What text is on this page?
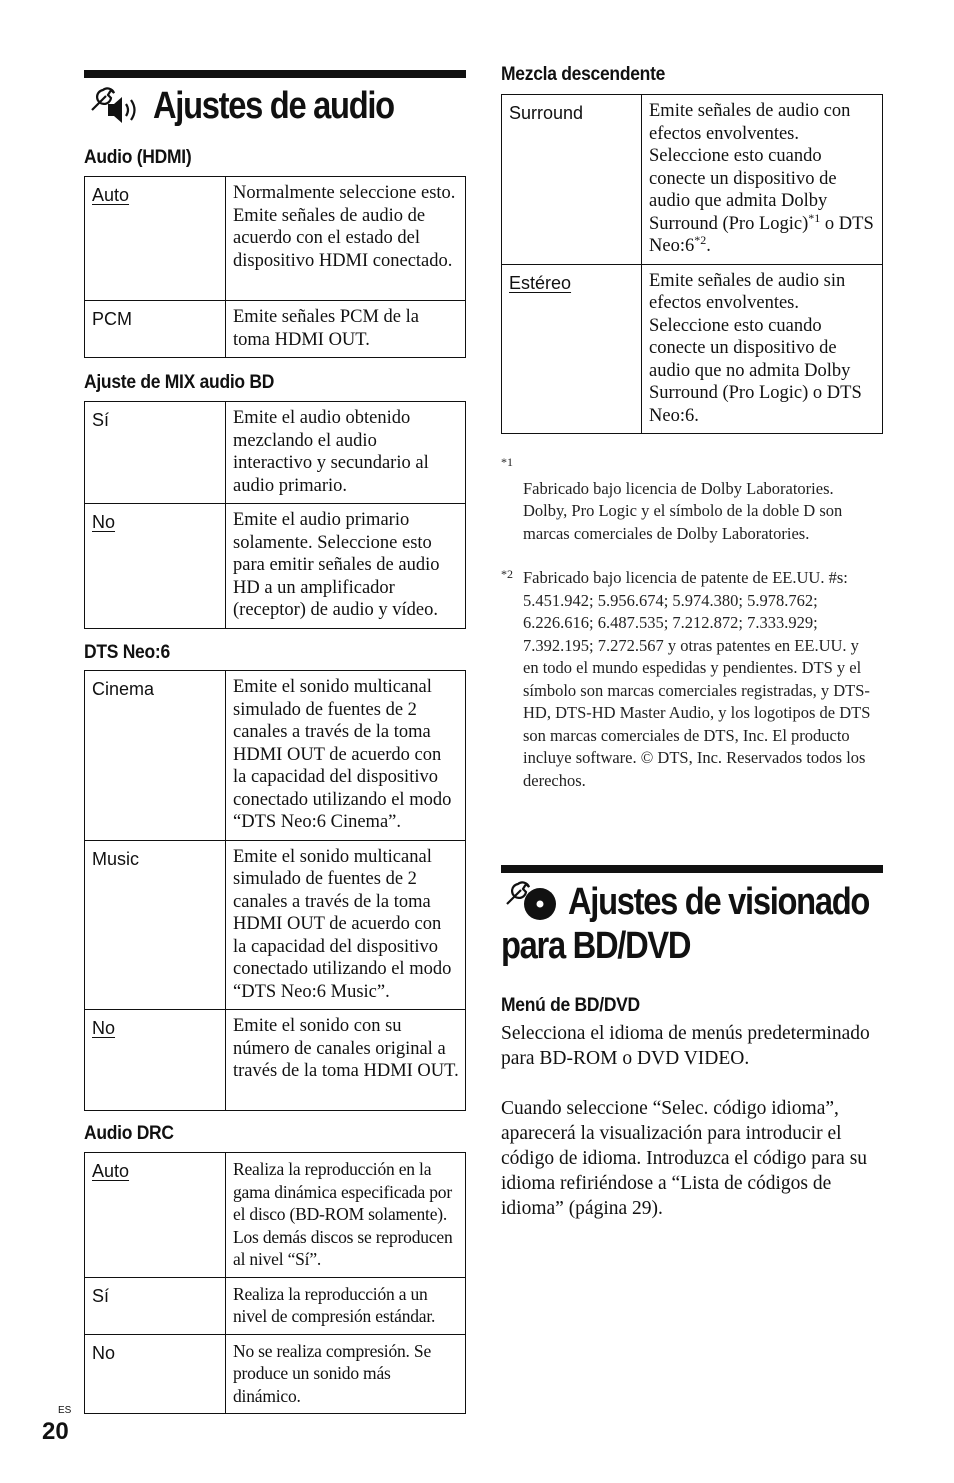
Ajustes de audio
Audio (HDMI)
Auto	Normalmente seleccione esto. Emite señales de audio de acuerdo con el estado del dispositivo HDMI conectado.
PCM	Emite señales PCM de la toma HDMI OUT.
Ajuste de MIX audio BD
Sí	Emite el audio obtenido mezclando el audio interactivo y secundario al audio primario.
No	Emite el audio primario solamente. Seleccione esto para emitir señales de audio HD a un amplificador (receptor) de audio y vídeo.
DTS Neo:6
Cinema	Emite el sonido multicanal simulado de fuentes de 2 canales a través de la toma HDMI OUT de acuerdo con la capacidad del dispositivo conectado utilizando el modo “DTS Neo:6 Cinema”.
Music	Emite el sonido multicanal simulado de fuentes de 2 canales a través de la toma HDMI OUT de acuerdo con la capacidad del dispositivo conectado utilizando el modo “DTS Neo:6 Music”.
No	Emite el sonido con su número de canales original a través de la toma HDMI OUT.
Audio DRC
Auto	Realiza la reproducción en la gama dinámica especificada por el disco (BD-ROM solamente). Los demás discos se reproducen al nivel “Sí”.
Sí	Realiza la reproducción a un nivel de compresión estándar.
No	No se realiza compresión. Se produce un sonido más dinámico.
Mezcla descendente
Surround	Emite señales de audio con efectos envolventes. Seleccione esto cuando conecte un dispositivo de audio que admita Dolby Surround (Pro Logic)$^{*1}$ o DTS Neo:6$^{*2}$.
Estéreo	Emite señales de audio sin efectos envolventes. Seleccione esto cuando conecte un dispositivo de audio que no admita Dolby Surround (Pro Logic) o DTS Neo:6.

*1
Fabricado bajo licencia de Dolby Laboratories.
Dolby, Pro Logic y el símbolo de la doble D son marcas comerciales de Dolby Laboratories.

*2 Fabricado bajo licencia de patente de EE.UU. #s: 5.451.942; 5.956.674; 5.974.380; 5.978.762; 6.226.616; 6.487.535; 7.212.872; 7.333.929; 7.392.195; 7.272.567 y otras patentes en EE.UU. y en todo el mundo espedidas y pendientes. DTS y el símbolo son marcas comerciales registradas, y DTS-HD, DTS-HD Master Audio, y los logotipos de DTS son marcas comerciales de DTS, Inc. El producto incluye software. © DTS, Inc. Reservados todos los derechos.
Ajustes de visionado
para BD/DVD
Menú de BD/DVD
Selecciona el idioma de menús predeterminado para BD-ROM o DVD VIDEO.
Cuando seleccione “Selec. código idioma”, aparecerá la visualización para introducir el código de idioma. Introduzca el código para su idioma refiriéndose a “Lista de códigos de idioma” (página 29).
ES
20
